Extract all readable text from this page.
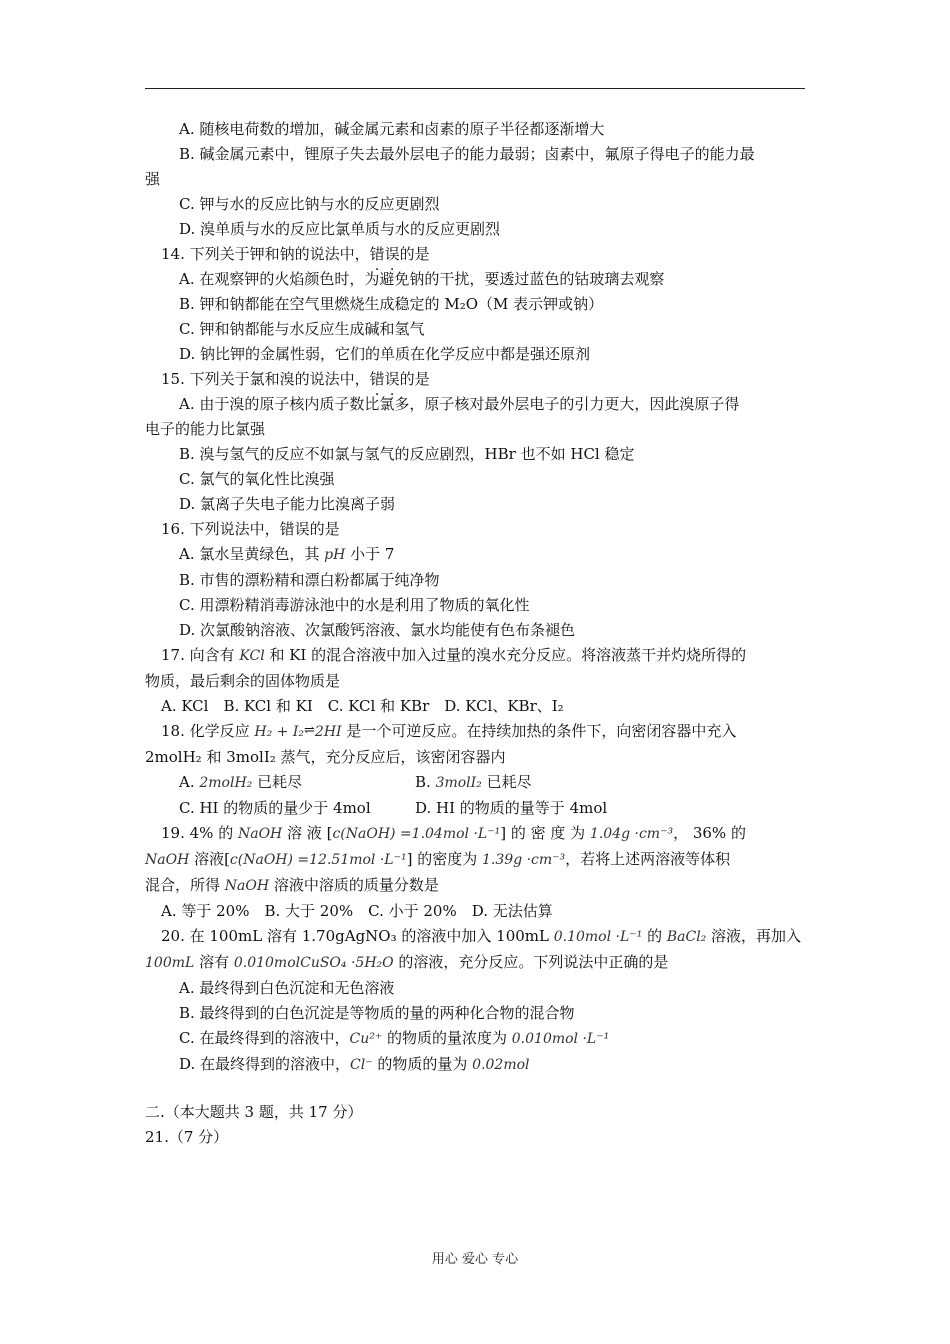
A. 随核电荷数的增加，碱金属元素和卤素的原子半径都逐渐增大
B. 碱金属元素中，锂原子失去最外层电子的能力最弱；卤素中，氟原子得电子的能力最
强
C. 钾与水的反应比钠与水的反应更剧烈
D. 溴单质与水的反应比氯单质与水的反应更剧烈
14. 下列关于钾和钠的说法中，错误的是
A. 在观察钾的火焰颜色时，为避免钠的干扰，要透过蓝色的钴玻璃去观察
B. 钾和钠都能在空气里燃烧生成稳定的 M₂O（M 表示钾或钠）
C. 钾和钠都能与水反应生成碱和氢气
D. 钠比钾的金属性弱，它们的单质在化学反应中都是强还原剂
15. 下列关于氯和溴的说法中，错误的是
A. 由于溴的原子核内质子数比氯多，原子核对最外层电子的引力更大，因此溴原子得
电子的能力比氯强
B. 溴与氢气的反应不如氯与氢气的反应剧烈，HBr 也不如 HCl 稳定
C. 氯气的氧化性比溴强
D. 氯离子失电子能力比溴离子弱
16. 下列说法中，错误的是
A. 氯水呈黄绿色，其 pH 小于 7
B. 市售的漂粉精和漂白粉都属于纯净物
C. 用漂粉精消毒游泳池中的水是利用了物质的氧化性
D. 次氯酸钠溶液、次氯酸钙溶液、氯水均能使有色布条褪色
17. 向含有 KCl 和 KI 的混合溶液中加入过量的溴水充分反应。将溶液蒸干并灼烧所得的
物质，最后剩余的固体物质是
A. KCl　B. KCl 和 KI　C. KCl 和 KBr　D. KCl、KBr、I₂
18. 化学反应 H₂ + I₂⇌2HI 是一个可逆反应。在持续加热的条件下，向密闭容器中充入
2molH₂ 和 3molI₂ 蒸气，充分反应后，该密闭容器内
A. 2molH₂ 已耗尽	B. 3molI₂ 已耗尽
C. HI 的物质的量少于 4mol	D. HI 的物质的量等于 4mol
19. 4% 的 NaOH 溶 液 [c(NaOH) =1.04mol ·L⁻¹] 的 密 度 为 1.04g ·cm⁻³， 36% 的
NaOH 溶液[c(NaOH) =12.51mol ·L⁻¹] 的密度为 1.39g ·cm⁻³，若将上述两溶液等体积
混合，所得 NaOH 溶液中溶质的质量分数是
A. 等于 20%　B. 大于 20%　C. 小于 20%　D. 无法估算
20. 在 100mL 溶有 1.70gAgNO₃ 的溶液中加入 100mL 0.10mol ·L⁻¹ 的 BaCl₂ 溶液，再加入
100mL 溶有 0.010molCuSO₄ ·5H₂O 的溶液，充分反应。下列说法中正确的是
A. 最终得到白色沉淀和无色溶液
B. 最终得到的白色沉淀是等物质的量的两种化合物的混合物
C. 在最终得到的溶液中，Cu²⁺ 的物质的量浓度为 0.010mol ·L⁻¹
D. 在最终得到的溶液中，Cl⁻ 的物质的量为 0.02mol
二.（本大题共 3 题，共 17 分）
21.（7 分）
用心 爱心 专心
